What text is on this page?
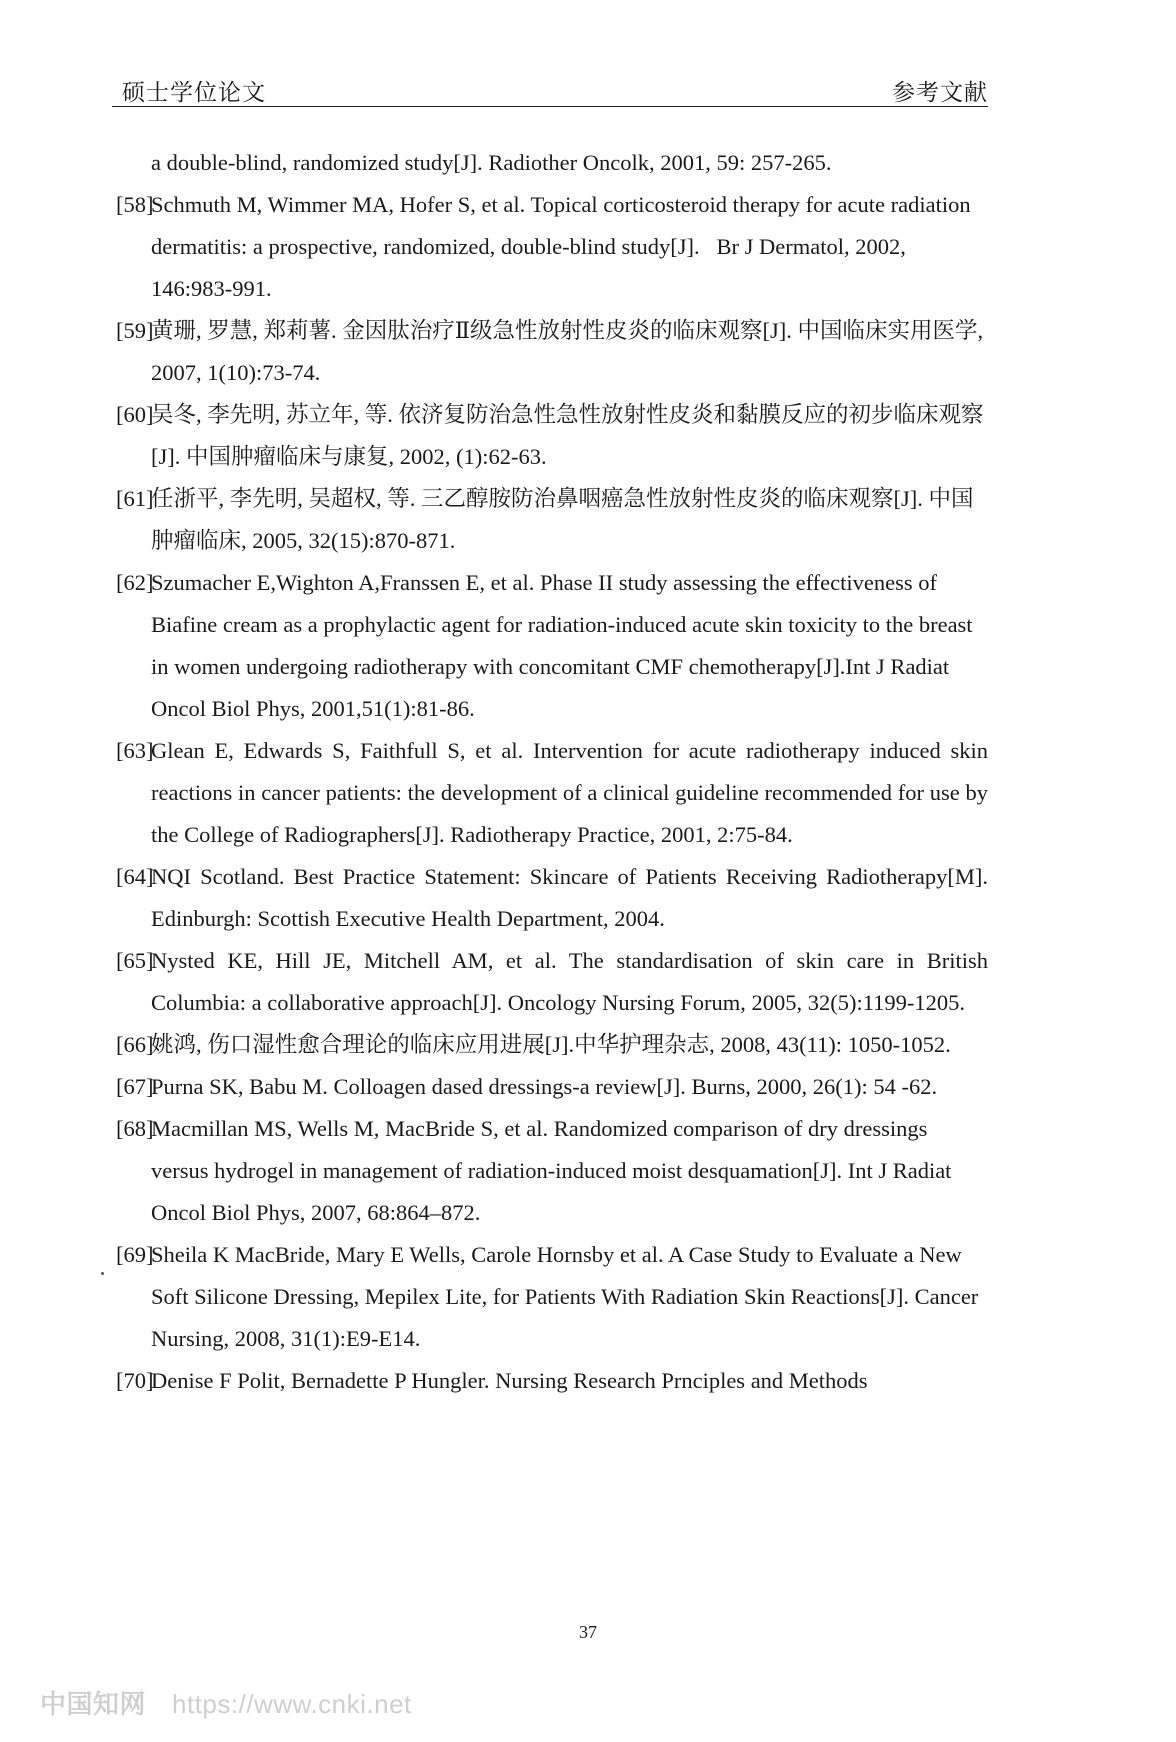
硕士学位论文	参考文献

a double-blind, randomized study[J]. Radiother Oncolk, 2001, 59: 257-265.

[58]
Schmuth M, Wimmer MA, Hofer S, et al. Topical corticosteroid therapy for acute radiation dermatitis: a prospective, randomized, double-blind study[J].   Br J Dermatol, 2002, 146:983-991.

[59]
黄珊, 罗慧, 郑莉薯. 金因肽治疗Ⅱ级急性放射性皮炎的临床观察[J]. 中国临床实用医学, 2007, 1(10):73-74.

[60]
吴冬, 李先明, 苏立年, 等. 依济复防治急性急性放射性皮炎和黏膜反应的初步临床观察[J]. 中国肿瘤临床与康复, 2002, (1):62-63.

[61]
任浙平, 李先明, 吴超权, 等. 三乙醇胺防治鼻咽癌急性放射性皮炎的临床观察[J]. 中国肿瘤临床, 2005, 32(15):870-871.

[62]
Szumacher E,Wighton A,Franssen E, et al. Phase II study assessing the effectiveness of Biafine cream as a prophylactic agent for radiation-induced acute skin toxicity to the breast in women undergoing radiotherapy with concomitant CMF chemotherapy[J].Int J Radiat Oncol Biol Phys, 2001,51(1):81-86.

[63]
Glean E, Edwards S, Faithfull S, et al. Intervention for acute radiotherapy induced skin reactions in cancer patients: the development of a clinical guideline recommended for use by the College of Radiographers[J]. Radiotherapy Practice, 2001, 2:75-84.

[64]
NQI Scotland. Best Practice Statement: Skincare of Patients Receiving Radiotherapy[M]. Edinburgh: Scottish Executive Health Department, 2004.

[65]
Nysted KE, Hill JE, Mitchell AM, et al. The standardisation of skin care in British Columbia: a collaborative approach[J]. Oncology Nursing Forum, 2005, 32(5):1199-1205.

[66]
姚鸿, 伤口湿性愈合理论的临床应用进展[J].中华护理杂志, 2008, 43(11): 1050-1052.

[67]
Purna SK, Babu M. Colloagen dased dressings-a review[J]. Burns, 2000, 26(1): 54 -62.

[68]
Macmillan MS, Wells M, MacBride S, et al. Randomized comparison of dry dressings versus hydrogel in management of radiation-induced moist desquamation[J]. Int J Radiat Oncol Biol Phys, 2007, 68:864–872.

[69]
Sheila K MacBride, Mary E Wells, Carole Hornsby et al. A Case Study to Evaluate a New Soft Silicone Dressing, Mepilex Lite, for Patients With Radiation Skin Reactions[J]. Cancer Nursing, 2008, 31(1):E9-E14.

[70]
Denise F Polit, Bernadette P Hungler. Nursing Research Prnciples and Methods

37
中国知网 https://www.cnki.net
